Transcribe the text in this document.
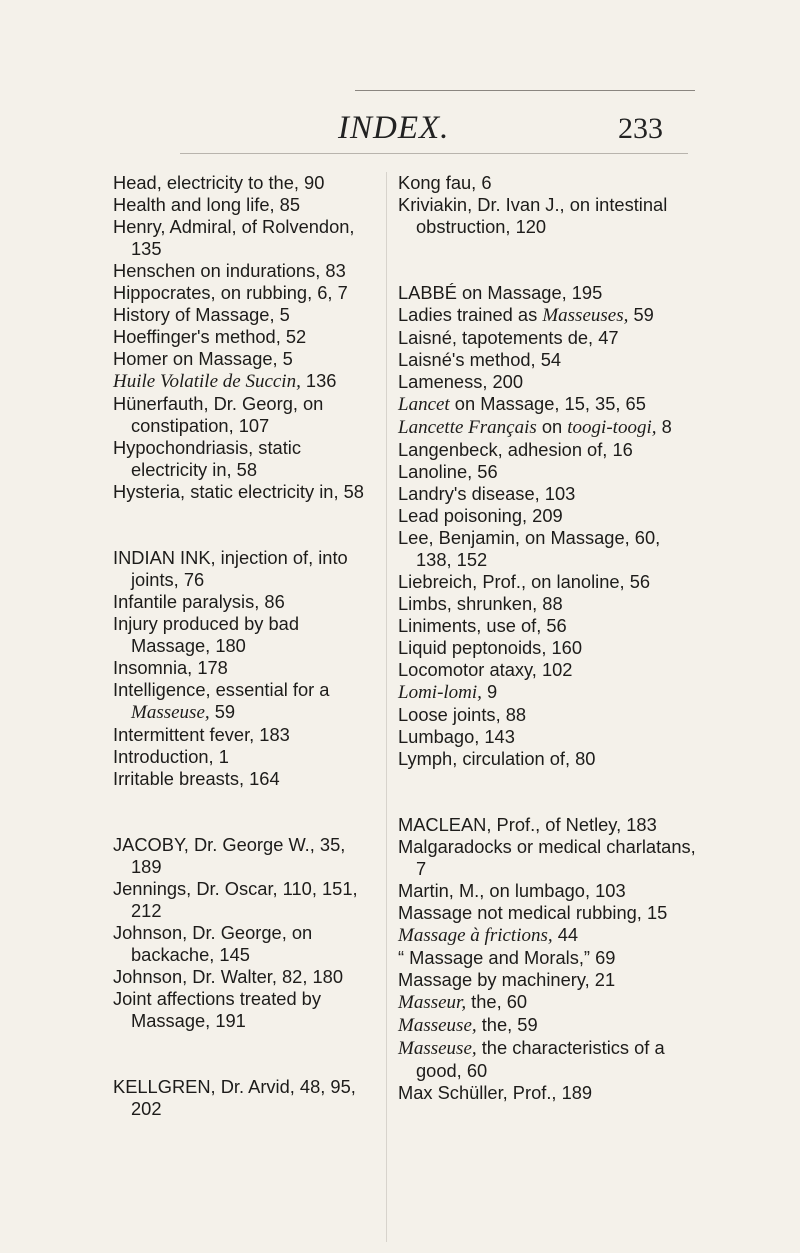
INDEX.	233

Head, electricity to the, 90

Health and long life, 85

Henry, Admiral, of Rolvendon, 135

Henschen on indurations, 83

Hippocrates, on rubbing, 6, 7

History of Massage, 5

Hoeffinger's method, 52

Homer on Massage, 5

Huile Volatile de Succin, 136

Hünerfauth, Dr. Georg, on constipation, 107

Hypochondriasis, static electricity in, 58

Hysteria, static electricity in, 58

INDIAN INK, injection of, into joints, 76

Infantile paralysis, 86

Injury produced by bad Massage, 180

Insomnia, 178

Intelligence, essential for a Masseuse, 59

Intermittent fever, 183

Introduction, 1

Irritable breasts, 164

JACOBY, Dr. George W., 35, 189

Jennings, Dr. Oscar, 110, 151, 212

Johnson, Dr. George, on backache, 145

Johnson, Dr. Walter, 82, 180

Joint affections treated by Massage, 191

KELLGREN, Dr. Arvid, 48, 95, 202

Kong fau, 6

Kriviakin, Dr. Ivan J., on intestinal obstruction, 120

LABBÉ on Massage, 195

Ladies trained as Masseuses, 59

Laisné, tapotements de, 47

Laisné's method, 54

Lameness, 200

Lancet on Massage, 15, 35, 65

Lancette Français on toogi-toogi, 8

Langenbeck, adhesion of, 16

Lanoline, 56

Landry's disease, 103

Lead poisoning, 209

Lee, Benjamin, on Massage, 60, 138, 152

Liebreich, Prof., on lanoline, 56

Limbs, shrunken, 88

Liniments, use of, 56

Liquid peptonoids, 160

Locomotor ataxy, 102

Lomi-lomi, 9

Loose joints, 88

Lumbago, 143

Lymph, circulation of, 80

MACLEAN, Prof., of Netley, 183

Malgaradocks or medical charlatans, 7

Martin, M., on lumbago, 103

Massage not medical rubbing, 15

Massage à frictions, 44

“ Massage and Morals,” 69

Massage by machinery, 21

Masseur, the, 60

Masseuse, the, 59

Masseuse, the characteristics of a good, 60

Max Schüller, Prof., 189
